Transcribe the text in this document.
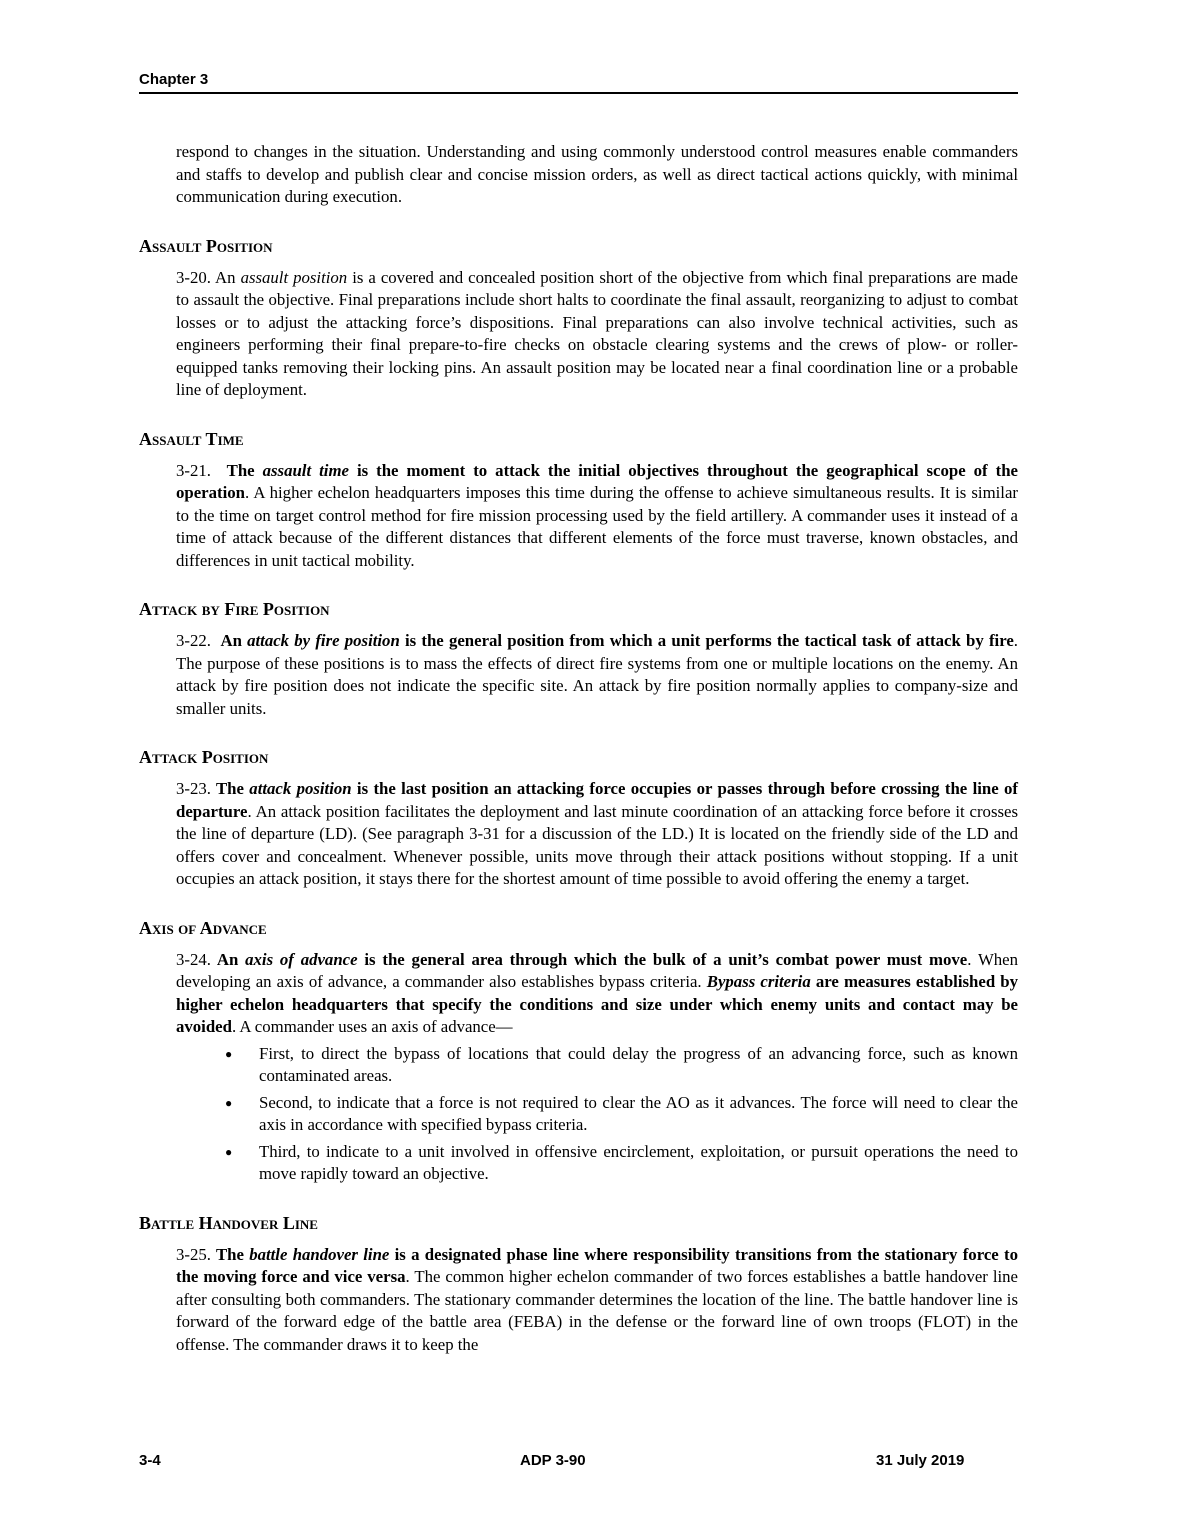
Chapter 3

respond to changes in the situation. Understanding and using commonly understood control measures enable commanders and staffs to develop and publish clear and concise mission orders, as well as direct tactical actions quickly, with minimal communication during execution.

Assault Position

3-20. An assault position is a covered and concealed position short of the objective from which final preparations are made to assault the objective. Final preparations include short halts to coordinate the final assault, reorganizing to adjust to combat losses or to adjust the attacking force’s dispositions. Final preparations can also involve technical activities, such as engineers performing their final prepare-to-fire checks on obstacle clearing systems and the crews of plow- or roller-equipped tanks removing their locking pins. An assault position may be located near a final coordination line or a probable line of deployment.

Assault Time

3-21.  The assault time is the moment to attack the initial objectives throughout the geographical scope of the operation. A higher echelon headquarters imposes this time during the offense to achieve simultaneous results. It is similar to the time on target control method for fire mission processing used by the field artillery. A commander uses it instead of a time of attack because of the different distances that different elements of the force must traverse, known obstacles, and differences in unit tactical mobility.

Attack by Fire Position

3-22.  An attack by fire position is the general position from which a unit performs the tactical task of attack by fire. The purpose of these positions is to mass the effects of direct fire systems from one or multiple locations on the enemy. An attack by fire position does not indicate the specific site. An attack by fire position normally applies to company-size and smaller units.

Attack Position

3-23. The attack position is the last position an attacking force occupies or passes through before crossing the line of departure. An attack position facilitates the deployment and last minute coordination of an attacking force before it crosses the line of departure (LD). (See paragraph 3-31 for a discussion of the LD.) It is located on the friendly side of the LD and offers cover and concealment. Whenever possible, units move through their attack positions without stopping. If a unit occupies an attack position, it stays there for the shortest amount of time possible to avoid offering the enemy a target.

Axis of Advance

3-24. An axis of advance is the general area through which the bulk of a unit’s combat power must move. When developing an axis of advance, a commander also establishes bypass criteria. Bypass criteria are measures established by higher echelon headquarters that specify the conditions and size under which enemy units and contact may be avoided. A commander uses an axis of advance—

● First, to direct the bypass of locations that could delay the progress of an advancing force, such as known contaminated areas.
● Second, to indicate that a force is not required to clear the AO as it advances. The force will need to clear the axis in accordance with specified bypass criteria.
● Third, to indicate to a unit involved in offensive encirclement, exploitation, or pursuit operations the need to move rapidly toward an objective.
Battle Handover Line

3-25. The battle handover line is a designated phase line where responsibility transitions from the stationary force to the moving force and vice versa. The common higher echelon commander of two forces establishes a battle handover line after consulting both commanders. The stationary commander determines the location of the line. The battle handover line is forward of the forward edge of the battle area (FEBA) in the defense or the forward line of own troops (FLOT) in the offense. The commander draws it to keep the

3-4	ADP 3-90	31 July 2019
